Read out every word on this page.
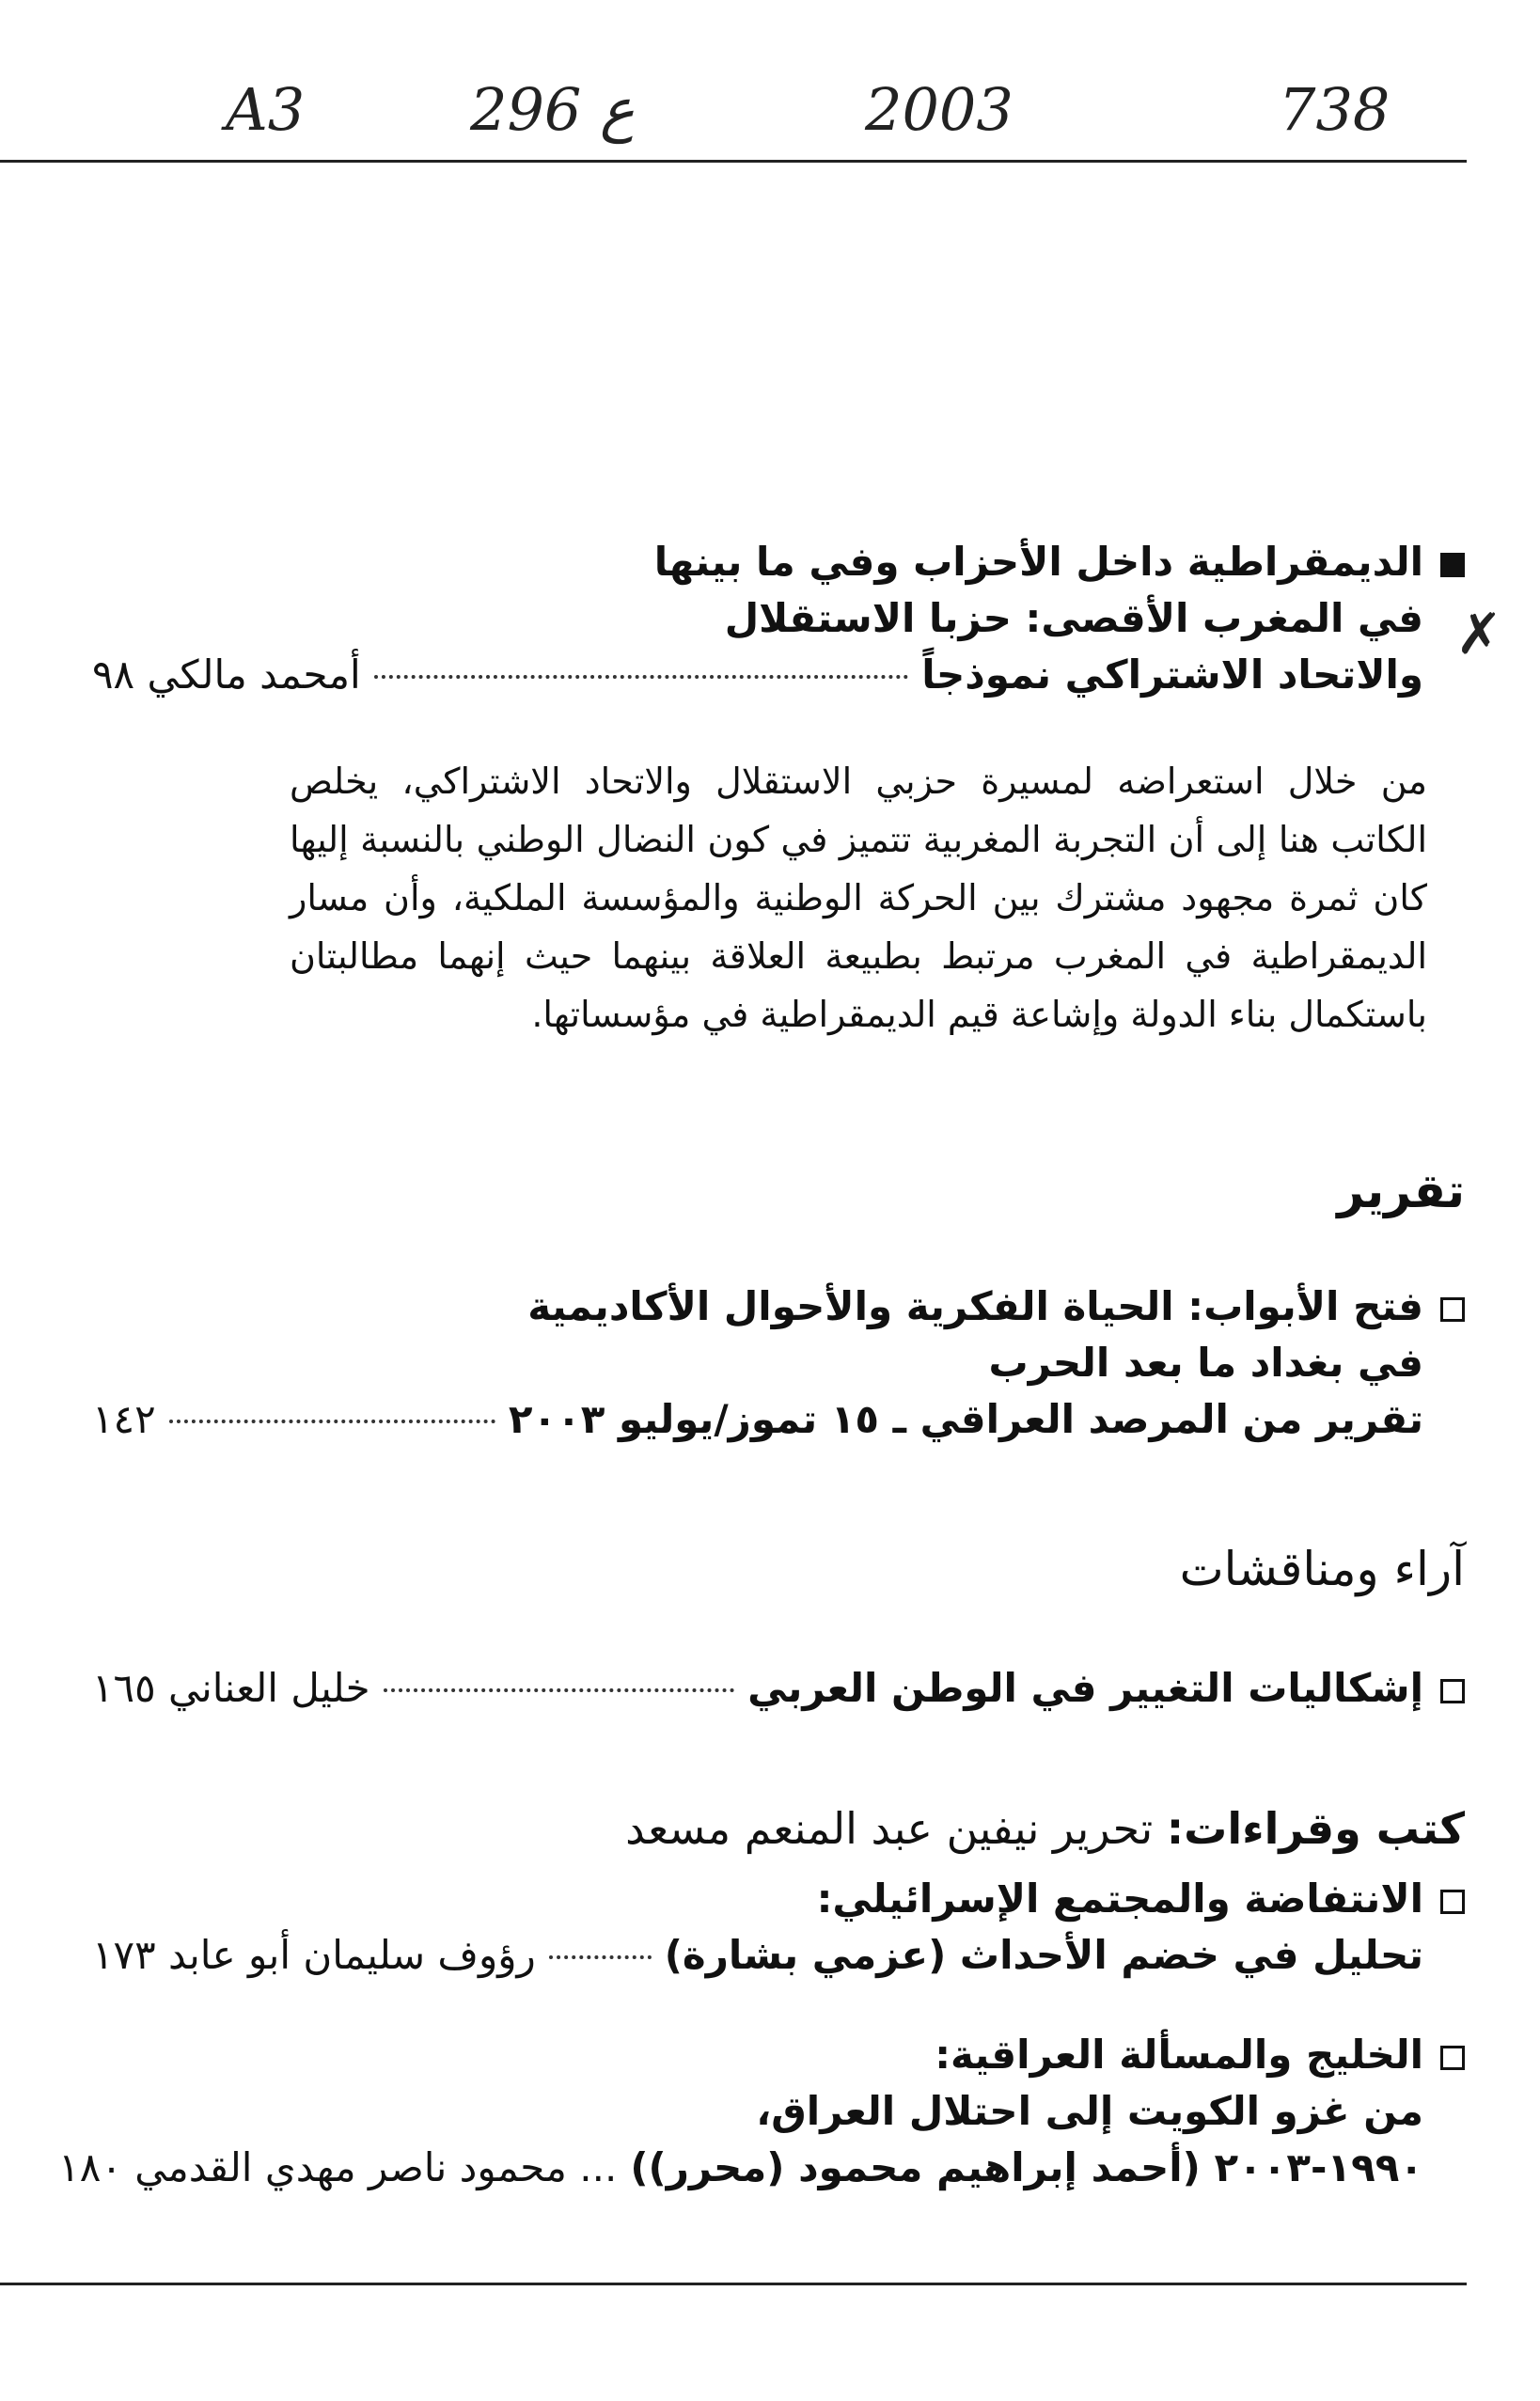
A3	296 ع	2003	738
✗
الديمقراطية داخل الأحزاب وفي ما بينها
في المغرب الأقصى: حزبا الاستقلال
والاتحاد الاشتراكي نموذجاً
أمحمد مالكي ٩٨
من خلال استعراضه لمسيرة حزبي الاستقلال والاتحاد الاشتراكي، يخلص الكاتب هنا إلى أن التجربة المغربية تتميز في كون النضال الوطني بالنسبة إليها كان ثمرة مجهود مشترك بين الحركة الوطنية والمؤسسة الملكية، وأن مسار الديمقراطية في المغرب مرتبط بطبيعة العلاقة بينهما حيث إنهما مطالبتان باستكمال بناء الدولة وإشاعة قيم الديمقراطية في مؤسساتها.
تقرير
فتح الأبواب: الحياة الفكرية والأحوال الأكاديمية
في بغداد ما بعد الحرب
تقرير من المرصد العراقي ـ ١٥ تموز/يوليو ٢٠٠٣
١٤٢
آراء ومناقشات
إشكاليات التغيير في الوطن العربي
خليل العناني ١٦٥
كتب وقراءات: تحرير نيفين عبد المنعم مسعد
الانتفاضة والمجتمع الإسرائيلي:
تحليل في خضم الأحداث (عزمي بشارة)
رؤوف سليمان أبو عابد ١٧٣
الخليج والمسألة العراقية:
من غزو الكويت إلى احتلال العراق،
١٩٩٠-٢٠٠٣ (أحمد إبراهيم محمود (محرر))
... محمود ناصر مهدي القدمي ١٨٠
